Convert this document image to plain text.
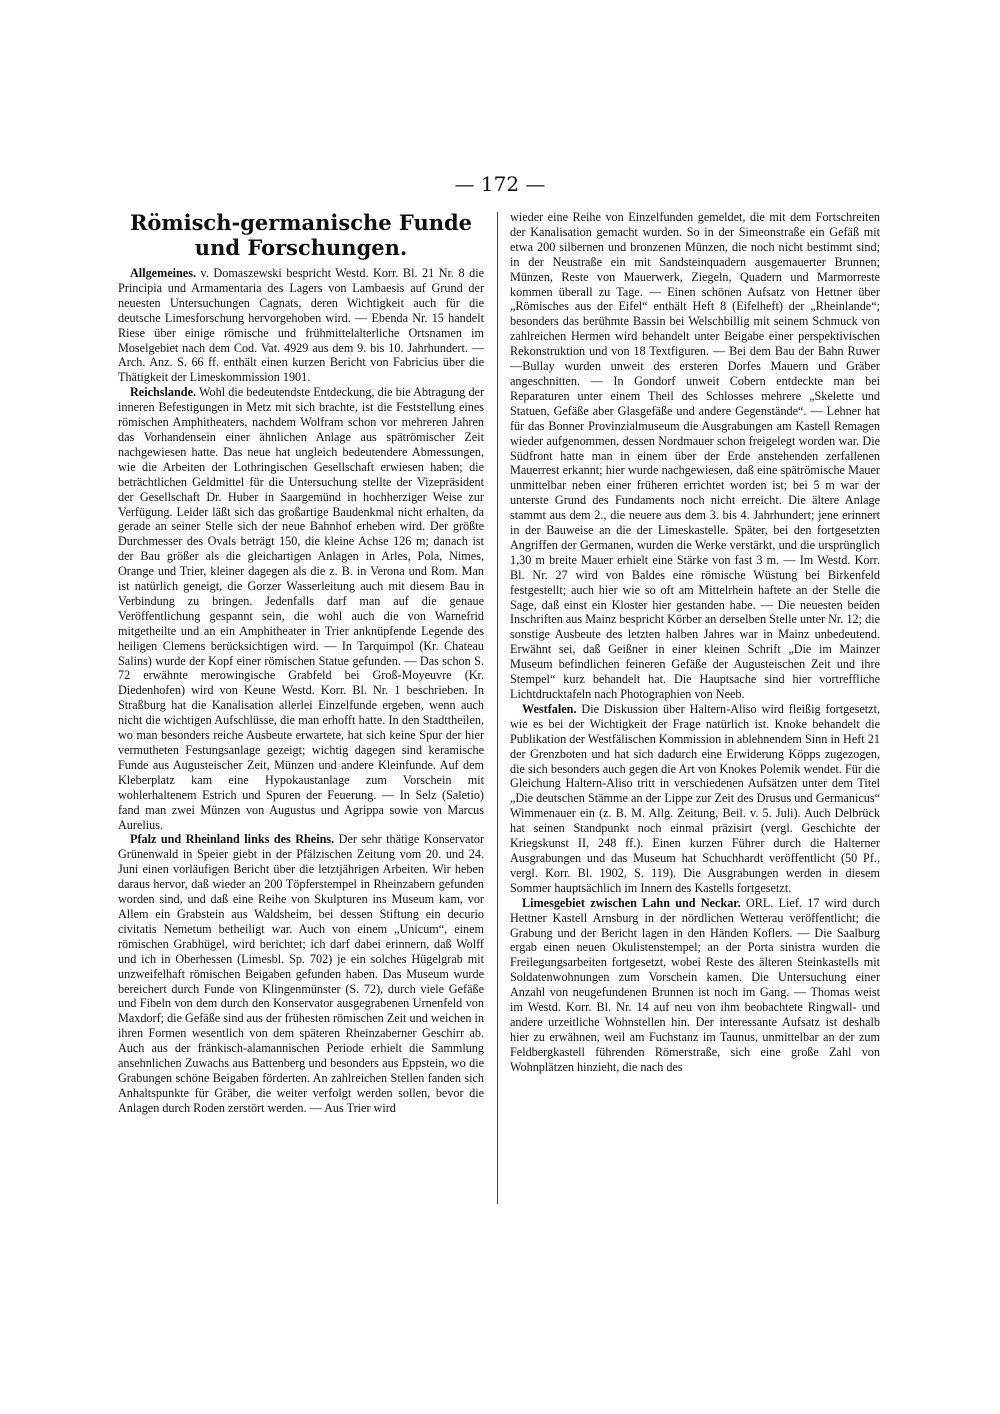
— 172 —
Römisch-germanische Funde und Forschungen.

Allgemeines. v. Domaszewski bespricht Westd. Korr. Bl. 21 Nr. 8 die Principia und Armamentaria des Lagers von Lambaesis auf Grund der neuesten Untersuchungen Cagnats, deren Wichtigkeit auch für die deutsche Limesforschung hervorgehoben wird. — Ebenda Nr. 15 handelt Riese über einige römische und frühmittelalterliche Ortsnamen im Moselgebiet nach dem Cod. Vat. 4929 aus dem 9. bis 10. Jahrhundert. — Arch. Anz. S. 66 ff. enthält einen kurzen Bericht von Fabricius über die Thätigkeit der Limeskommission 1901.

Reichslande. Wohl die bedeutendste Entdeckung, die bie Abtragung der inneren Befestigungen in Metz mit sich brachte, ist die Feststellung eines römischen Amphitheaters, nachdem Wolfram schon vor mehreren Jahren das Vorhandensein einer ähnlichen Anlage aus spätrömischer Zeit nachgewiesen hatte. Das neue hat ungleich bedeutendere Abmessungen, wie die Arbeiten der Lothringischen Gesellschaft erwiesen haben; die beträchtlichen Geldmittel für die Untersuchung stellte der Vizepräsident der Gesellschaft Dr. Huber in Saargemünd in hochherziger Weise zur Verfügung. Leider läßt sich das großartige Baudenkmal nicht erhalten, da gerade an seiner Stelle sich der neue Bahnhof erheben wird. Der größte Durchmesser des Ovals beträgt 150, die kleine Achse 126 m; danach ist der Bau größer als die gleichartigen Anlagen in Arles, Pola, Nimes, Orange und Trier, kleiner dagegen als die z. B. in Verona und Rom. Man ist natürlich geneigt, die Gorzer Wasserleitung auch mit diesem Bau in Verbindung zu bringen. Jedenfalls darf man auf die genaue Veröffentlichung gespannt sein, die wohl auch die von Warnefrid mitgetheilte und an ein Amphitheater in Trier anknüpfende Legende des heiligen Clemens berücksichtigen wird. — In Tarquimpol (Kr. Chateau Salins) wurde der Kopf einer römischen Statue gefunden. — Das schon S. 72 erwähnte merowingische Grabfeld bei Groß-Moyeuvre (Kr. Diedenhofen) wird von Keune Westd. Korr. Bl. Nr. 1 beschrieben. In Straßburg hat die Kanalisation allerlei Einzelfunde ergeben, wenn auch nicht die wichtigen Aufschlüsse, die man erhofft hatte. In den Stadttheilen, wo man besonders reiche Ausbeute erwartete, hat sich keine Spur der hier vermutheten Festungsanlage gezeigt; wichtig dagegen sind keramische Funde aus Augusteischer Zeit, Münzen und andere Kleinfunde. Auf dem Kleberplatz kam eine Hypokaustanlage zum Vorschein mit wohlerhaltenem Estrich und Spuren der Feuerung. — In Selz (Saletio) fand man zwei Münzen von Augustus und Agrippa sowie von Marcus Aurelius.

Pfalz und Rheinland links des Rheins. Der sehr thätige Konservator Grünenwald in Speier giebt in der Pfälzischen Zeitung vom 20. und 24. Juni einen vorläufigen Bericht über die letztjährigen Arbeiten. Wir heben daraus hervor, daß wieder an 200 Töpferstempel in Rheinzabern gefunden worden sind, und daß eine Reihe von Skulpturen ins Museum kam, vor Allem ein Grabstein aus Waldsheim, bei dessen Stiftung ein decurio civitatis Nemetum betheiligt war. Auch von einem „Unicum“, einem römischen Grabhügel, wird berichtet; ich darf dabei erinnern, daß Wolff und ich in Oberhessen (Limesbl. Sp. 702) je ein solches Hügelgrab mit unzweifelhaft römischen Beigaben gefunden haben. Das Museum wurde bereichert durch Funde von Klingenmünster (S. 72), durch viele Gefäße und Fibeln von dem durch den Konservator ausgegrabenen Urnenfeld von Maxdorf; die Gefäße sind aus der frühesten römischen Zeit und weichen in ihren Formen wesentlich von dem späteren Rheinzaberner Geschirr ab. Auch aus der fränkisch-alamannischen Periode erhielt die Sammlung ansehnlichen Zuwachs aus Battenberg und besonders aus Eppstein, wo die Grabungen schöne Beigaben förderten. An zahlreichen Stellen fanden sich Anhaltspunkte für Gräber, die weiter verfolgt werden sollen, bevor die Anlagen durch Roden zerstört werden. — Aus Trier wird

wieder eine Reihe von Einzelfunden gemeldet, die mit dem Fortschreiten der Kanalisation gemacht wurden. So in der Simeonstraße ein Gefäß mit etwa 200 silbernen und bronzenen Münzen, die noch nicht bestimmt sind; in der Neustraße ein mit Sandsteinquadern ausgemauerter Brunnen; Münzen, Reste von Mauerwerk, Ziegeln, Quadern und Marmorreste kommen überall zu Tage. — Einen schönen Aufsatz von Hettner über „Römisches aus der Eifel“ enthält Heft 8 (Eifelheft) der „Rheinlande“; besonders das berühmte Bassin bei Welschbillig mit seinem Schmuck von zahlreichen Hermen wird behandelt unter Beigabe einer perspektivischen Rekonstruktion und von 18 Textfiguren. — Bei dem Bau der Bahn Ruwer—Bullay wurden unweit des ersteren Dorfes Mauern und Gräber angeschnitten. — In Gondorf unweit Cobern entdeckte man bei Reparaturen unter einem Theil des Schlosses mehrere „Skelette und Statuen, Gefäße aber Glasgefäße und andere Gegenstände“. — Lehner hat für das Bonner Provinzialmuseum die Ausgrabungen am Kastell Remagen wieder aufgenommen, dessen Nordmauer schon freigelegt worden war. Die Südfront hatte man in einem über der Erde anstehenden zerfallenen Mauerrest erkannt; hier wurde nachgewiesen, daß eine spätrömische Mauer unmittelbar neben einer früheren errichtet worden ist; bei 5 m war der unterste Grund des Fundaments noch nicht erreicht. Die ältere Anlage stammt aus dem 2., die neuere aus dem 3. bis 4. Jahrhundert; jene erinnert in der Bauweise an die der Limeskastelle. Später, bei den fortgesetzten Angriffen der Germanen, wurden die Werke verstärkt, und die ursprünglich 1,30 m breite Mauer erhielt eine Stärke von fast 3 m. — Im Westd. Korr. Bl. Nr. 27 wird von Baldes eine römische Wüstung bei Birkenfeld festgestellt; auch hier wie so oft am Mittelrhein haftete an der Stelle die Sage, daß einst ein Kloster hier gestanden habe. — Die neuesten beiden Inschriften aus Mainz bespricht Körber an derselben Stelle unter Nr. 12; die sonstige Ausbeute des letzten halben Jahres war in Mainz unbedeutend. Erwähnt sei, daß Geißner in einer kleinen Schrift „Die im Mainzer Museum befindlichen feineren Gefäße der Augusteischen Zeit und ihre Stempel“ kurz behandelt hat. Die Hauptsache sind hier vortreffliche Lichtdrucktafeln nach Photographien von Neeb.

Westfalen. Die Diskussion über Haltern-Aliso wird fleißig fortgesetzt, wie es bei der Wichtigkeit der Frage natürlich ist. Knoke behandelt die Publikation der Westfälischen Kommission in ablehnendem Sinn in Heft 21 der Grenzboten und hat sich dadurch eine Erwiderung Köpps zugezogen, die sich besonders auch gegen die Art von Knokes Polemik wendet. Für die Gleichung Haltern-Aliso tritt in verschiedenen Aufsätzen unter dem Titel „Die deutschen Stämme an der Lippe zur Zeit des Drusus und Germanicus“ Wimmenauer ein (z. B. M. Allg. Zeitung, Beil. v. 5. Juli). Auch Delbrück hat seinen Standpunkt noch einmal präzisirt (vergl. Geschichte der Kriegskunst II, 248 ff.). Einen kurzen Führer durch die Halterner Ausgrabungen und das Museum hat Schuchhardt veröffentlicht (50 Pf., vergl. Korr. Bl. 1902, S. 119). Die Ausgrabungen werden in diesem Sommer hauptsächlich im Innern des Kastells fortgesetzt.

Limesgebiet zwischen Lahn und Neckar. ORL. Lief. 17 wird durch Hettner Kastell Arnsburg in der nördlichen Wetterau veröffentlicht; die Grabung und der Bericht lagen in den Händen Koflers. — Die Saalburg ergab einen neuen Okulistenstempel; an der Porta sinistra wurden die Freilegungsarbeiten fortgesetzt, wobei Reste des älteren Steinkastells mit Soldatenwohnungen zum Vorschein kamen. Die Untersuchung einer Anzahl von neugefundenen Brunnen ist noch im Gang. — Thomas weist im Westd. Korr. Bl. Nr. 14 auf neu von ihm beobachtete Ringwall- und andere urzeitliche Wohnstellen hin. Der interessante Aufsatz ist deshalb hier zu erwähnen, weil am Fuchstanz im Taunus, unmittelbar an der zum Feldbergkastell führenden Römerstraße, sich eine große Zahl von Wohnplätzen hinzieht, die nach des
